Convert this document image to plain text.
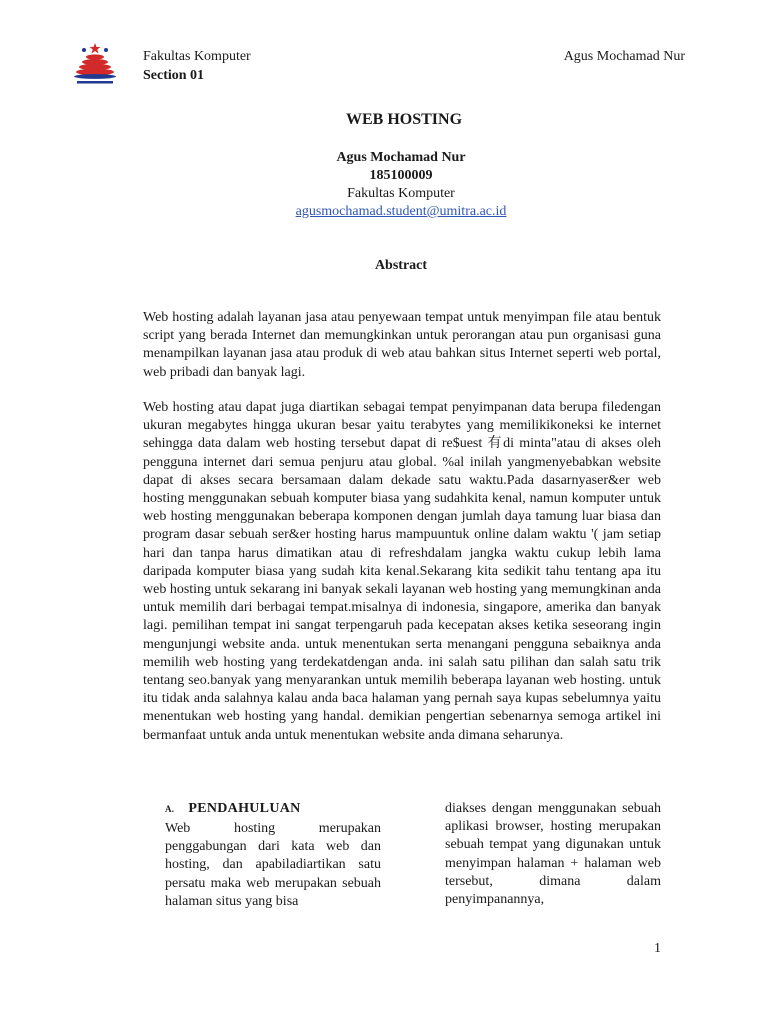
Fakultas Komputer
Section 01
Agus Mochamad Nur
WEB HOSTING
Agus Mochamad Nur
185100009
Fakultas Komputer
agusmochamad.student@umitra.ac.id
Abstract

Web hosting adalah layanan jasa atau penyewaan tempat untuk menyimpan file atau bentuk script yang berada Internet dan memungkinkan untuk perorangan atau pun organisasi guna menampilkan layanan jasa atau produk di web atau bahkan situs Internet seperti web portal, web pribadi dan banyak lagi.

Web hosting atau dapat juga diartikan sebagai tempat penyimpanan data berupa filedengan ukuran megabytes hingga ukuran besar yaitu terabytes yang memilikikoneksi ke internet sehingga data dalam web hosting tersebut dapat di re$uest 有di minta"atau di akses oleh pengguna internet dari semua penjuru atau global. %al inilah yangmenyebabkan website dapat di akses secara bersamaan dalam dekade satu waktu.Pada dasarnyaser&er web hosting menggunakan sebuah komputer biasa yang sudahkita kenal, namun komputer untuk web hosting menggunakan beberapa komponen dengan jumlah daya tamung luar biasa dan program dasar sebuah ser&er hosting harus mampuuntuk online dalam waktu '( jam setiap hari dan tanpa harus dimatikan atau di refreshdalam jangka waktu cukup lebih lama daripada komputer biasa yang sudah kita kenal.Sekarang kita sedikit tahu tentang apa itu web hosting untuk sekarang ini banyak sekali layanan web hosting yang memungkinan anda untuk memilih dari berbagai tempat.misalnya di indonesia, singapore, amerika dan banyak lagi. pemilihan tempat ini sangat terpengaruh pada kecepatan akses ketika seseorang ingin mengunjungi website anda. untuk menentukan serta menangani pengguna sebaiknya anda memilih web hosting yang terdekatdengan anda. ini salah satu pilihan dan salah satu trik tentang seo.banyak yang menyarankan untuk memilih beberapa layanan web hosting. untuk itu tidak anda salahnya kalau anda baca halaman yang pernah saya kupas sebelumnya yaitu menentukan web hosting yang handal. demikian pengertian sebenarnya semoga artikel ini bermanfaat untuk anda untuk menentukan website anda dimana seharunya.

A. PENDAHULUAN
Web hosting merupakan penggabungan dari kata web dan hosting, dan apabiladiartikan satu persatu maka web merupakan sebuah halaman situs yang bisa
diakses dengan menggunakan sebuah aplikasi browser, hosting merupakan sebuah tempat yang digunakan untuk menyimpan halaman + halaman web tersebut, dimana dalam penyimpanannya,
1
